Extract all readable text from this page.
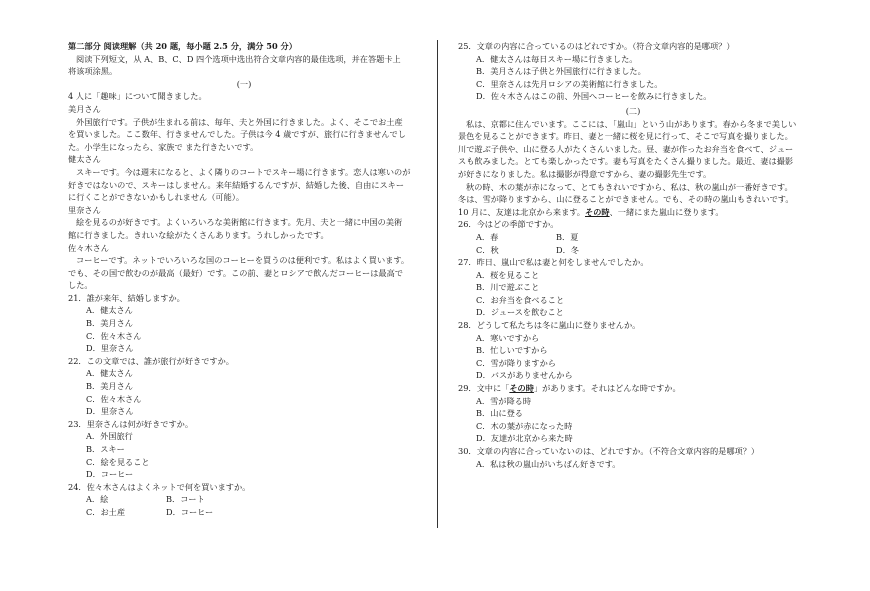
第二部分 阅读理解（共 20 题，每小题 2.5 分，满分 50 分）
阅读下列短文，从 A、B、C、D 四个选项中选出符合文章内容的最佳选项，并在答题卡上
将该项涂黑。
(一)
4 人に「趣味」について聞きました。
美月さん
外国旅行です。子供が生まれる前は、毎年、夫と外国に行きました。よく、そこでお土産
を買いました。ここ数年、行きませんでした。子供は今 4 歳ですが、旅行に行きませんでし
た。小学生になったら、家族で また行きたいです。
健太さん
スキーです。今は週末になると、よく隣りのコートでスキー場に行きます。恋人は寒いのが
好きではないので、スキーはしません。来年結婚するんですが、結婚した後、自由にスキー
に行くことができないかもしれません（可能）。
里奈さん
絵を見るのが好きです。よくいろいろな美術館に行きます。先月、夫と一緒に中国の美術
館に行きました。きれいな絵がたくさんあります。うれしかったです。
佐々木さん
コーヒーです。ネットでいろいろな国のコーヒーを買うのは便利です。私はよく買います。
でも、その国で飲むのが最高（最好）です。この前、妻とロシアで飲んだコーヒーは最高で
した。
21．誰が来年、結婚しますか。
A．健太さん
B．美月さん
C．佐々木さん
D．里奈さん
22．この文章では、誰が旅行が好きですか。
A．健太さん
B．美月さん
C．佐々木さん
D．里奈さん
23．里奈さんは何が好きですか。
A．外国旅行
B．スキー
C．絵を見ること
D．コーヒー
24．佐々木さんはよくネットで何を買いますか。
A．絵	B．コート
C．お土産	D．コーヒー
25．文章の内容に合っているのはどれですか。（符合文章内容的是哪项？）
A．健太さんは毎日スキー場に行きました。
B．美月さんは子供と外国旅行に行きました。
C．里奈さんは先月ロシアの美術館に行きました。
D．佐々木さんはこの前、外国へコーヒーを飲みに行きました。
(二)
私は、京都に住んでいます。ここには、「嵐山」という山があります。春から冬まで美しい
景色を見ることができます。昨日、妻と一緒に桜を見に行って、そこで写真を撮りました。
川で遊ぶ子供や、山に登る人がたくさんいました。昼、妻が作ったお弁当を食べて、ジュー
スも飲みました。とても楽しかったです。妻も写真をたくさん撮りました。最近、妻は撮影
が好きになりました。私は撮影が得意ですから、妻の撮影先生です。
秋の時、木の葉が赤になって、とてもきれいですから、私は、秋の嵐山が一番好きです。
冬は、雪が降りますから、山に登ることができません。でも、その時の嵐山もきれいです。
10 月に、友達は北京から来ます。その時、一緒にまた嵐山に登ります。
26．今はどの季節ですか。
A．春	B．夏
C．秋	D．冬
27．昨日、嵐山で私は妻と何をしませんでしたか。
A．桜を見ること
B．川で遊ぶこと
C．お弁当を食べること
D．ジュースを飲むこと
28．どうして私たちは冬に嵐山に登りませんか。
A．寒いですから
B．忙しいですから
C．雪が降りますから
D．バスがありませんから
29．文中に「その時」があります。それはどんな時ですか。
A．雪が降る時
B．山に登る
C．木の葉が赤になった時
D．友達が北京から来た時
30．文章の内容に合っていないのは、どれですか。（不符合文章内容的是哪项？）
A．私は秋の嵐山がいちばん好きです。
